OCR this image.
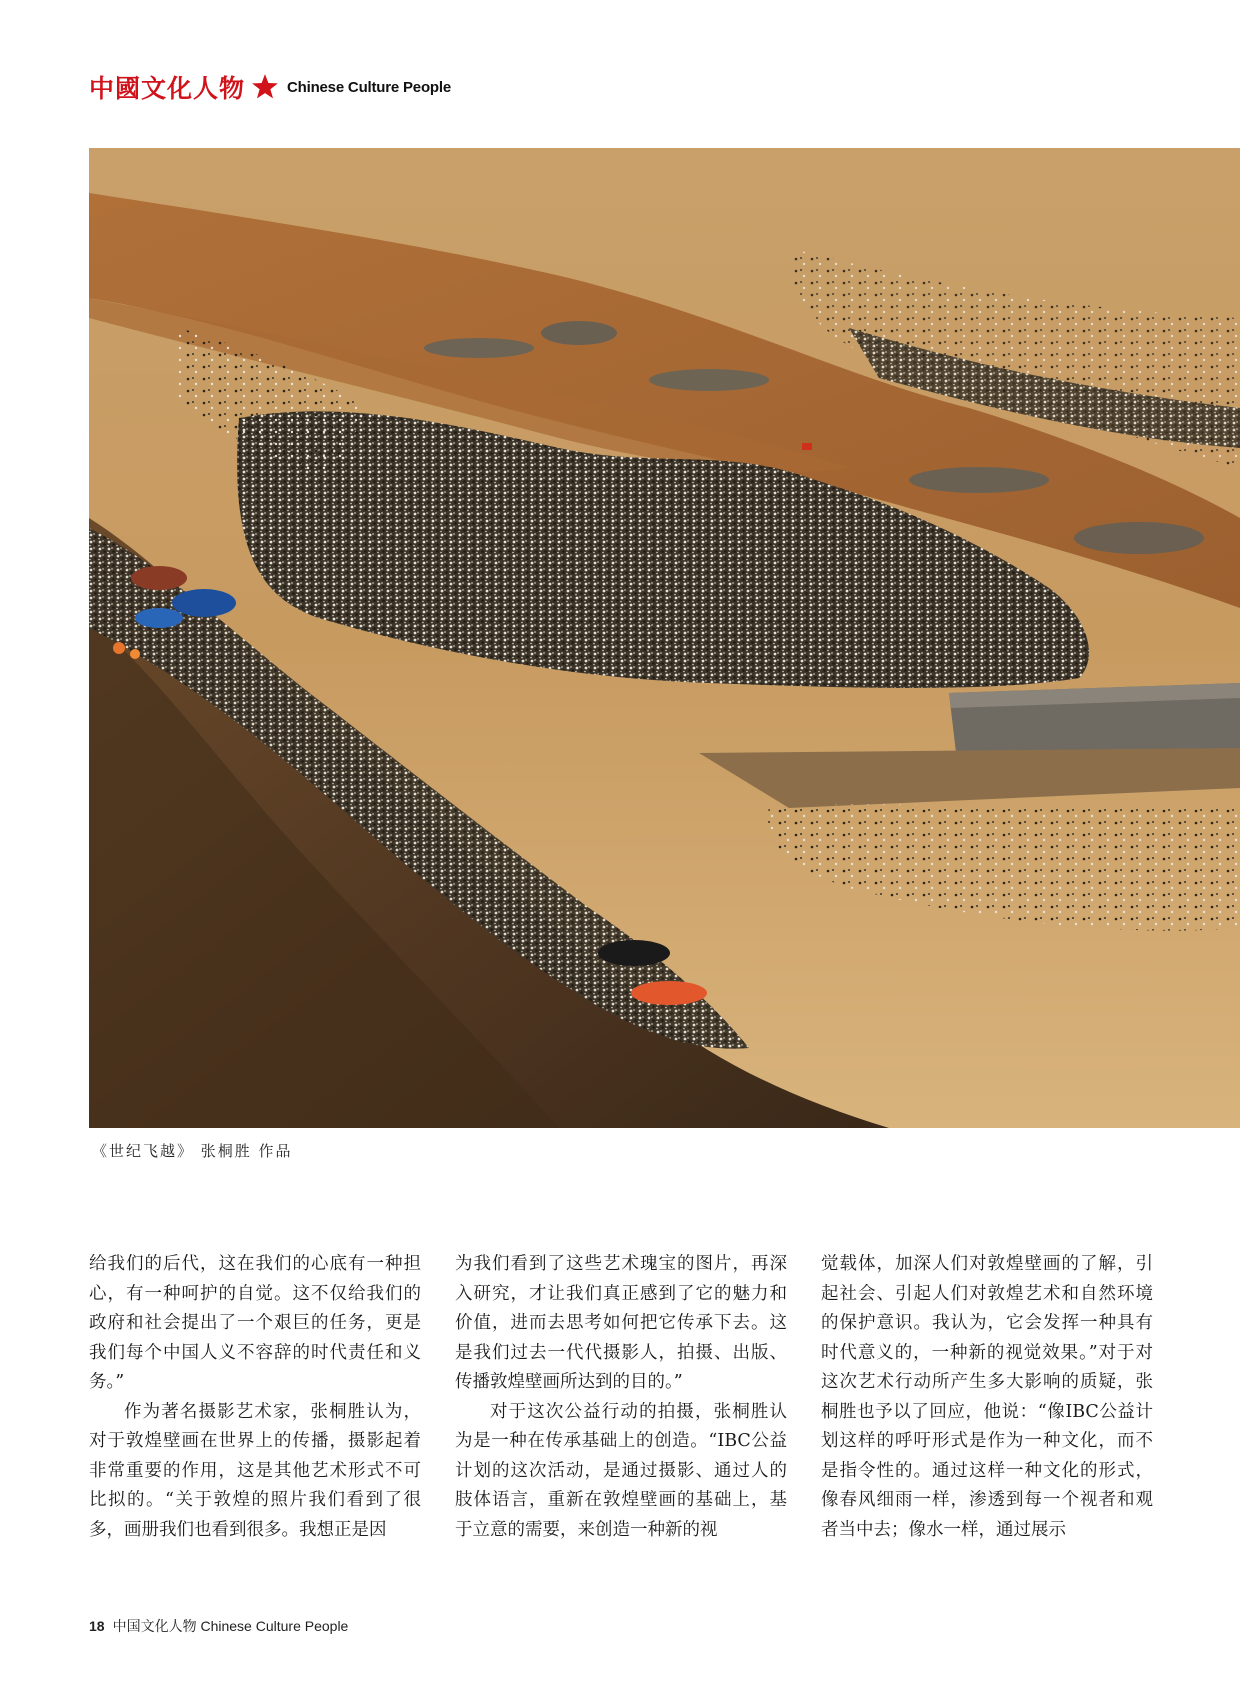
中國文化人物	Chinese Culture People
《世纪飞越》 张桐胜 作品

给我们的后代，这在我们的心底有一种担心，有一种呵护的自觉。这不仅给我们的政府和社会提出了一个艰巨的任务，更是我们每个中国人义不容辞的时代责任和义务。”

作为著名摄影艺术家，张桐胜认为，对于敦煌壁画在世界上的传播，摄影起着非常重要的作用，这是其他艺术形式不可比拟的。“关于敦煌的照片我们看到了很多，画册我们也看到很多。我想正是因

为我们看到了这些艺术瑰宝的图片，再深入研究，才让我们真正感到了它的魅力和价值，进而去思考如何把它传承下去。这是我们过去一代代摄影人，拍摄、出版、传播敦煌壁画所达到的目的。”

对于这次公益行动的拍摄，张桐胜认为是一种在传承基础上的创造。“IBC公益计划的这次活动，是通过摄影、通过人的肢体语言，重新在敦煌壁画的基础上，基于立意的需要，来创造一种新的视

觉载体，加深人们对敦煌壁画的了解，引起社会、引起人们对敦煌艺术和自然环境的保护意识。我认为，它会发挥一种具有时代意义的，一种新的视觉效果。”对于对这次艺术行动所产生多大影响的质疑，张桐胜也予以了回应，他说：“像IBC公益计划这样的呼吁形式是作为一种文化，而不是指令性的。通过这样一种文化的形式，像春风细雨一样，渗透到每一个视者和观者当中去；像水一样，通过展示

18 中国文化人物 Chinese Culture People
